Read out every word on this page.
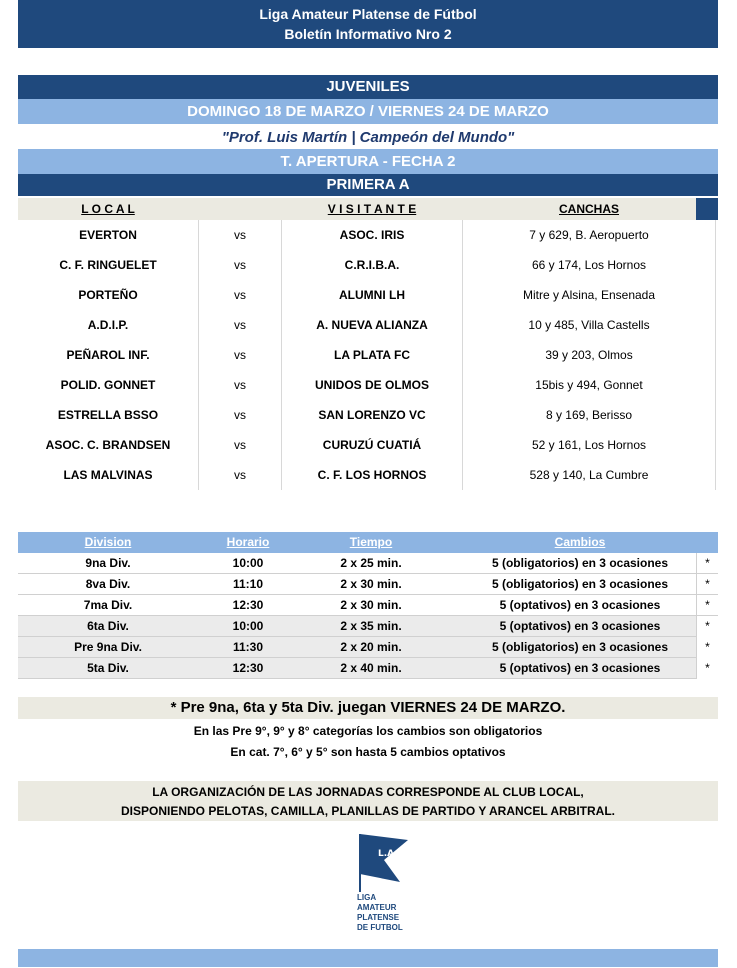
Liga Amateur Platense de Fútbol
Boletín Informativo Nro 2
JUVENILES
DOMINGO 18 DE MARZO / VIERNES 24 DE MARZO
"Prof. Luis Martín | Campeón del Mundo"
T. APERTURA - FECHA 2
PRIMERA A
L O C A L	V I S I T A N T E	CANCHAS
EVERTON	vs	ASOC. IRIS	7 y 629, B. Aeropuerto
C. F. RINGUELET	vs	C.R.I.B.A.	66 y 174, Los Hornos
PORTEÑO	vs	ALUMNI LH	Mitre y Alsina, Ensenada
A.D.I.P.	vs	A. NUEVA ALIANZA	10 y 485, Villa Castells
PEÑAROL INF.	vs	LA PLATA FC	39 y 203, Olmos
POLID. GONNET	vs	UNIDOS DE OLMOS	15bis y 494, Gonnet
ESTRELLA BSSO	vs	SAN LORENZO VC	8 y 169, Berisso
ASOC. C. BRANDSEN	vs	CURUZÚ CUATIÁ	52 y 161, Los Hornos
LAS MALVINAS	vs	C. F. LOS HORNOS	528 y 140, La Cumbre
Division	Horario	Tiempo	Cambios
9na Div.	10:00	2 x 25 min.	5 (obligatorios) en 3 ocasiones	*
8va Div.	11:10	2 x 30 min.	5 (obligatorios) en 3 ocasiones	*
7ma Div.	12:30	2 x 30 min.	5 (optativos) en 3 ocasiones	*
6ta Div.	10:00	2 x 35 min.	5 (optativos) en 3 ocasiones	*
Pre 9na Div.	11:30	2 x 20 min.	5 (obligatorios) en 3 ocasiones	*
5ta Div.	12:30	2 x 40 min.	5 (optativos) en 3 ocasiones	*
* Pre 9na, 6ta y 5ta Div. juegan VIERNES 24 DE MARZO.
En las Pre 9°, 9° y 8° categorías los cambios son obligatorios
En cat. 7°, 6° y 5° son hasta 5 cambios optativos
LA ORGANIZACIÓN DE LAS JORNADAS CORRESPONDE AL CLUB LOCAL,
DISPONIENDO PELOTAS, CAMILLA, PLANILLAS DE PARTIDO Y ARANCEL ARBITRAL.
L.A.P.
LIGA
AMATEUR
PLATENSE
DE FUTBOL
